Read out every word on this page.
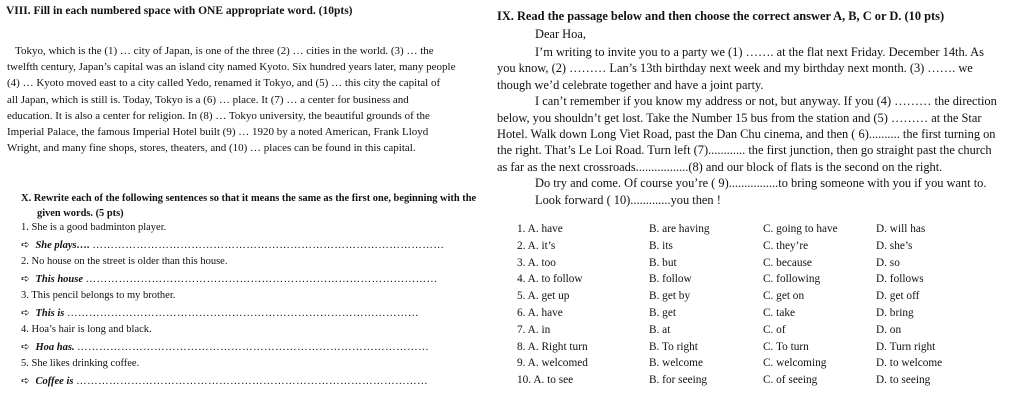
VIII. Fill in each numbered space with ONE appropriate word. (10pts)
Tokyo, which is the (1) … city of Japan, is one of the three (2) … cities in the world. (3) … the
twelfth century, Japan’s capital was an island city named Kyoto. Six hundred years later, many people
(4) … Kyoto moved east to a city called Yedo, renamed it Tokyo, and (5) … this city the capital of
all Japan, which is still is. Today, Tokyo is a (6) … place. It (7) … a center for business and
education. It is also a center for religion. In (8) … Tokyo university, the beautiful grounds of the
Imperial Palace, the famous Imperial Hotel built (9) … 1920 by a noted American, Frank Lloyd
Wright, and many fine shops, stores, theaters, and (10) … places can be found in this capital.
X. Rewrite each of the following sentences so that it means the same as the first one, beginning with the
given words. (5 pts)
1. She is a good badminton player.
➪ She plays…. ……………………………………………………………………………………
2. No house on the street is older than this house.
➪ This house ……………………………………………………………………………………
3. This pencil belongs to my brother.
➪ This is ……………………………………………………………………………………
4. Hoa’s hair is long and black.
➪ Hoa has. ……………………………………………………………………………………
5. She likes drinking coffee.
➪ Coffee is ……………………………………………………………………………………
IX. Read the passage below and then choose the correct answer A, B, C or D. (10 pts)
Dear Hoa,
I’m writing to invite you to a party we (1) ……. at the flat next Friday. December 14th. As
you know, (2) ……… Lan’s 13th birthday next week and my birthday next month. (3) ……. we
though we’d celebrate together and have a joint party.
I can’t remember if you know my address or not, but anyway. If you (4) ……… the direction
below, you shouldn’t get lost. Take the Number 15 bus from the station and (5) ……… at the Star
Hotel. Walk down Long Viet Road, past the Dan Chu cinema, and then ( 6).......... the first turning on
the right. That’s Le Loi Road. Turn left (7)............ the first junction, then go straight past the church
as far as the next crossroads.................(8) and our block of flats is the second on the right.
Do try and come. Of course you’re ( 9)................to bring someone with you if you want to.
Look forward ( 10).............you then !
1. A. have	B. are having	C. going to have	D. will has
2. A. it’s	B. its	C. they’re	D. she’s
3. A. too	B. but	C. because	D. so
4. A. to follow	B. follow	C. following	D. follows
5. A. get up	B. get by	C. get on	D. get off
6. A. have	B. get	C. take	D. bring
7. A. in	B. at	C. of	D. on
8. A. Right turn	B. To right	C. To turn	D. Turn right
9. A. welcomed	B. welcome	C. welcoming	D. to welcome
10. A. to see	B. for seeing	C. of seeing	D. to seeing
